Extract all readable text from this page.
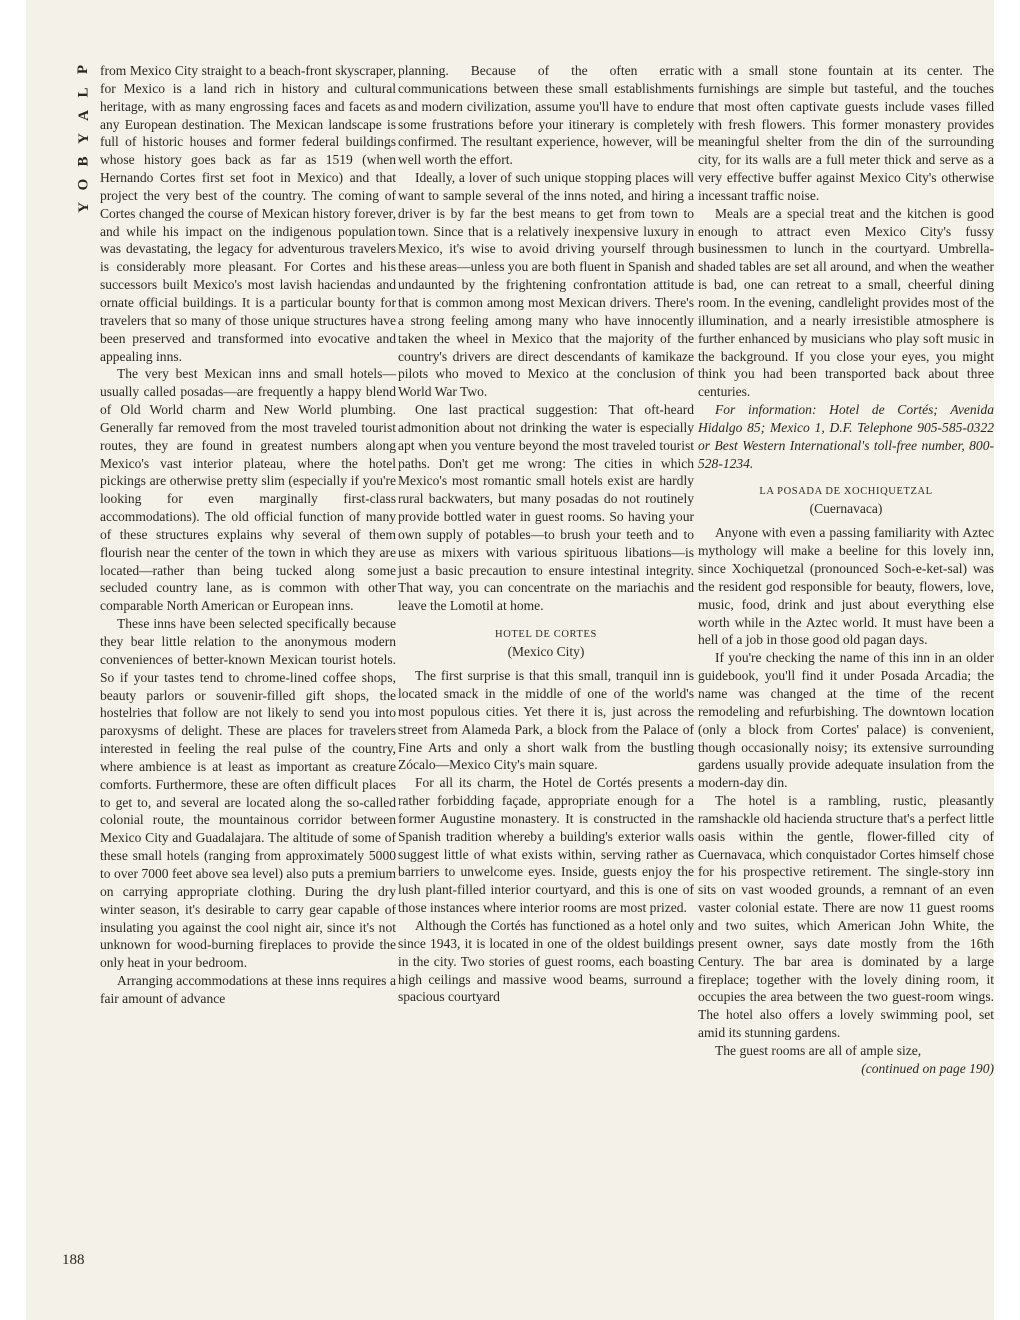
P
L
A
Y
B
O
Y
188

from Mexico City straight to a beach-front skyscraper, for Mexico is a land rich in history and cultural heritage, with as many engrossing faces and facets as any European destination. The Mexican landscape is full of historic houses and former federal buildings whose history goes back as far as 1519 (when Hernando Cortes first set foot in Mexico) and that project the very best of the country. The coming of Cortes changed the course of Mexican history forever, and while his impact on the indigenous population was devastating, the legacy for adventurous travelers is considerably more pleasant. For Cortes and his successors built Mexico's most lavish haciendas and ornate official buildings. It is a particular bounty for travelers that so many of those unique structures have been preserved and transformed into evocative and appealing inns.

The very best Mexican inns and small hotels—usually called posadas—are frequently a happy blend of Old World charm and New World plumbing. Generally far removed from the most traveled tourist routes, they are found in greatest numbers along Mexico's vast interior plateau, where the hotel pickings are otherwise pretty slim (especially if you're looking for even marginally first-class accommodations). The old official function of many of these structures explains why several of them flourish near the center of the town in which they are located—rather than being tucked along some secluded country lane, as is common with other comparable North American or European inns.

These inns have been selected specifically because they bear little relation to the anonymous modern conveniences of better-known Mexican tourist hotels. So if your tastes tend to chrome-lined coffee shops, beauty parlors or souvenir-filled gift shops, the hostelries that follow are not likely to send you into paroxysms of delight. These are places for travelers interested in feeling the real pulse of the country, where ambience is at least as important as creature comforts. Furthermore, these are often difficult places to get to, and several are located along the so-called colonial route, the mountainous corridor between Mexico City and Guadalajara. The altitude of some of these small hotels (ranging from approximately 5000 to over 7000 feet above sea level) also puts a premium on carrying appropriate clothing. During the dry winter season, it's desirable to carry gear capable of insulating you against the cool night air, since it's not unknown for wood-burning fireplaces to provide the only heat in your bedroom.

Arranging accommodations at these inns requires a fair amount of advance

planning. Because of the often erratic communications between these small establishments and modern civilization, assume you'll have to endure some frustrations before your itinerary is completely confirmed. The resultant experience, however, will be well worth the effort.

Ideally, a lover of such unique stopping places will want to sample several of the inns noted, and hiring a driver is by far the best means to get from town to town. Since that is a relatively inexpensive luxury in Mexico, it's wise to avoid driving yourself through these areas—unless you are both fluent in Spanish and undaunted by the frightening confrontation attitude that is common among most Mexican drivers. There's a strong feeling among many who have innocently taken the wheel in Mexico that the majority of the country's drivers are direct descendants of kamikaze pilots who moved to Mexico at the conclusion of World War Two.

One last practical suggestion: That oft-heard admonition about not drinking the water is especially apt when you venture beyond the most traveled tourist paths. Don't get me wrong: The cities in which Mexico's most romantic small hotels exist are hardly rural backwaters, but many posadas do not routinely provide bottled water in guest rooms. So having your own supply of potables—to brush your teeth and to use as mixers with various spirituous libations—is just a basic precaution to ensure intestinal integrity. That way, you can concentrate on the mariachis and leave the Lomotil at home.

HOTEL DE CORTES
(Mexico City)

The first surprise is that this small, tranquil inn is located smack in the middle of one of the world's most populous cities. Yet there it is, just across the street from Alameda Park, a block from the Palace of Fine Arts and only a short walk from the bustling Zócalo—Mexico City's main square.

For all its charm, the Hotel de Cortés presents a rather forbidding façade, appropriate enough for a former Augustine monastery. It is constructed in the Spanish tradition whereby a building's exterior walls suggest little of what exists within, serving rather as barriers to unwelcome eyes. Inside, guests enjoy the lush plant-filled interior courtyard, and this is one of those instances where interior rooms are most prized.

Although the Cortés has functioned as a hotel only since 1943, it is located in one of the oldest buildings in the city. Two stories of guest rooms, each boasting high ceilings and massive wood beams, surround a spacious courtyard

with a small stone fountain at its center. The furnishings are simple but tasteful, and the touches that most often captivate guests include vases filled with fresh flowers. This former monastery provides meaningful shelter from the din of the surrounding city, for its walls are a full meter thick and serve as a very effective buffer against Mexico City's otherwise incessant traffic noise.

Meals are a special treat and the kitchen is good enough to attract even Mexico City's fussy businessmen to lunch in the courtyard. Umbrella-shaded tables are set all around, and when the weather is bad, one can retreat to a small, cheerful dining room. In the evening, candlelight provides most of the illumination, and a nearly irresistible atmosphere is further enhanced by musicians who play soft music in the background. If you close your eyes, you might think you had been transported back about three centuries.

For information: Hotel de Cortés; Avenida Hidalgo 85; Mexico 1, D.F. Telephone 905-585-0322 or Best Western International's toll-free number, 800-528-1234.

LA POSADA DE XOCHIQUETZAL
(Cuernavaca)

Anyone with even a passing familiarity with Aztec mythology will make a beeline for this lovely inn, since Xochiquetzal (pronounced Soch-e-ket-sal) was the resident god responsible for beauty, flowers, love, music, food, drink and just about everything else worth while in the Aztec world. It must have been a hell of a job in those good old pagan days.

If you're checking the name of this inn in an older guidebook, you'll find it under Posada Arcadia; the name was changed at the time of the recent remodeling and refurbishing. The downtown location (only a block from Cortes' palace) is convenient, though occasionally noisy; its extensive surrounding gardens usually provide adequate insulation from the modern-day din.

The hotel is a rambling, rustic, pleasantly ramshackle old hacienda structure that's a perfect little oasis within the gentle, flower-filled city of Cuernavaca, which conquistador Cortes himself chose for his prospective retirement. The single-story inn sits on vast wooded grounds, a remnant of an even vaster colonial estate. There are now 11 guest rooms and two suites, which American John White, the present owner, says date mostly from the 16th Century. The bar area is dominated by a large fireplace; together with the lovely dining room, it occupies the area between the two guest-room wings. The hotel also offers a lovely swimming pool, set amid its stunning gardens.

The guest rooms are all of ample size,

(continued on page 190)
